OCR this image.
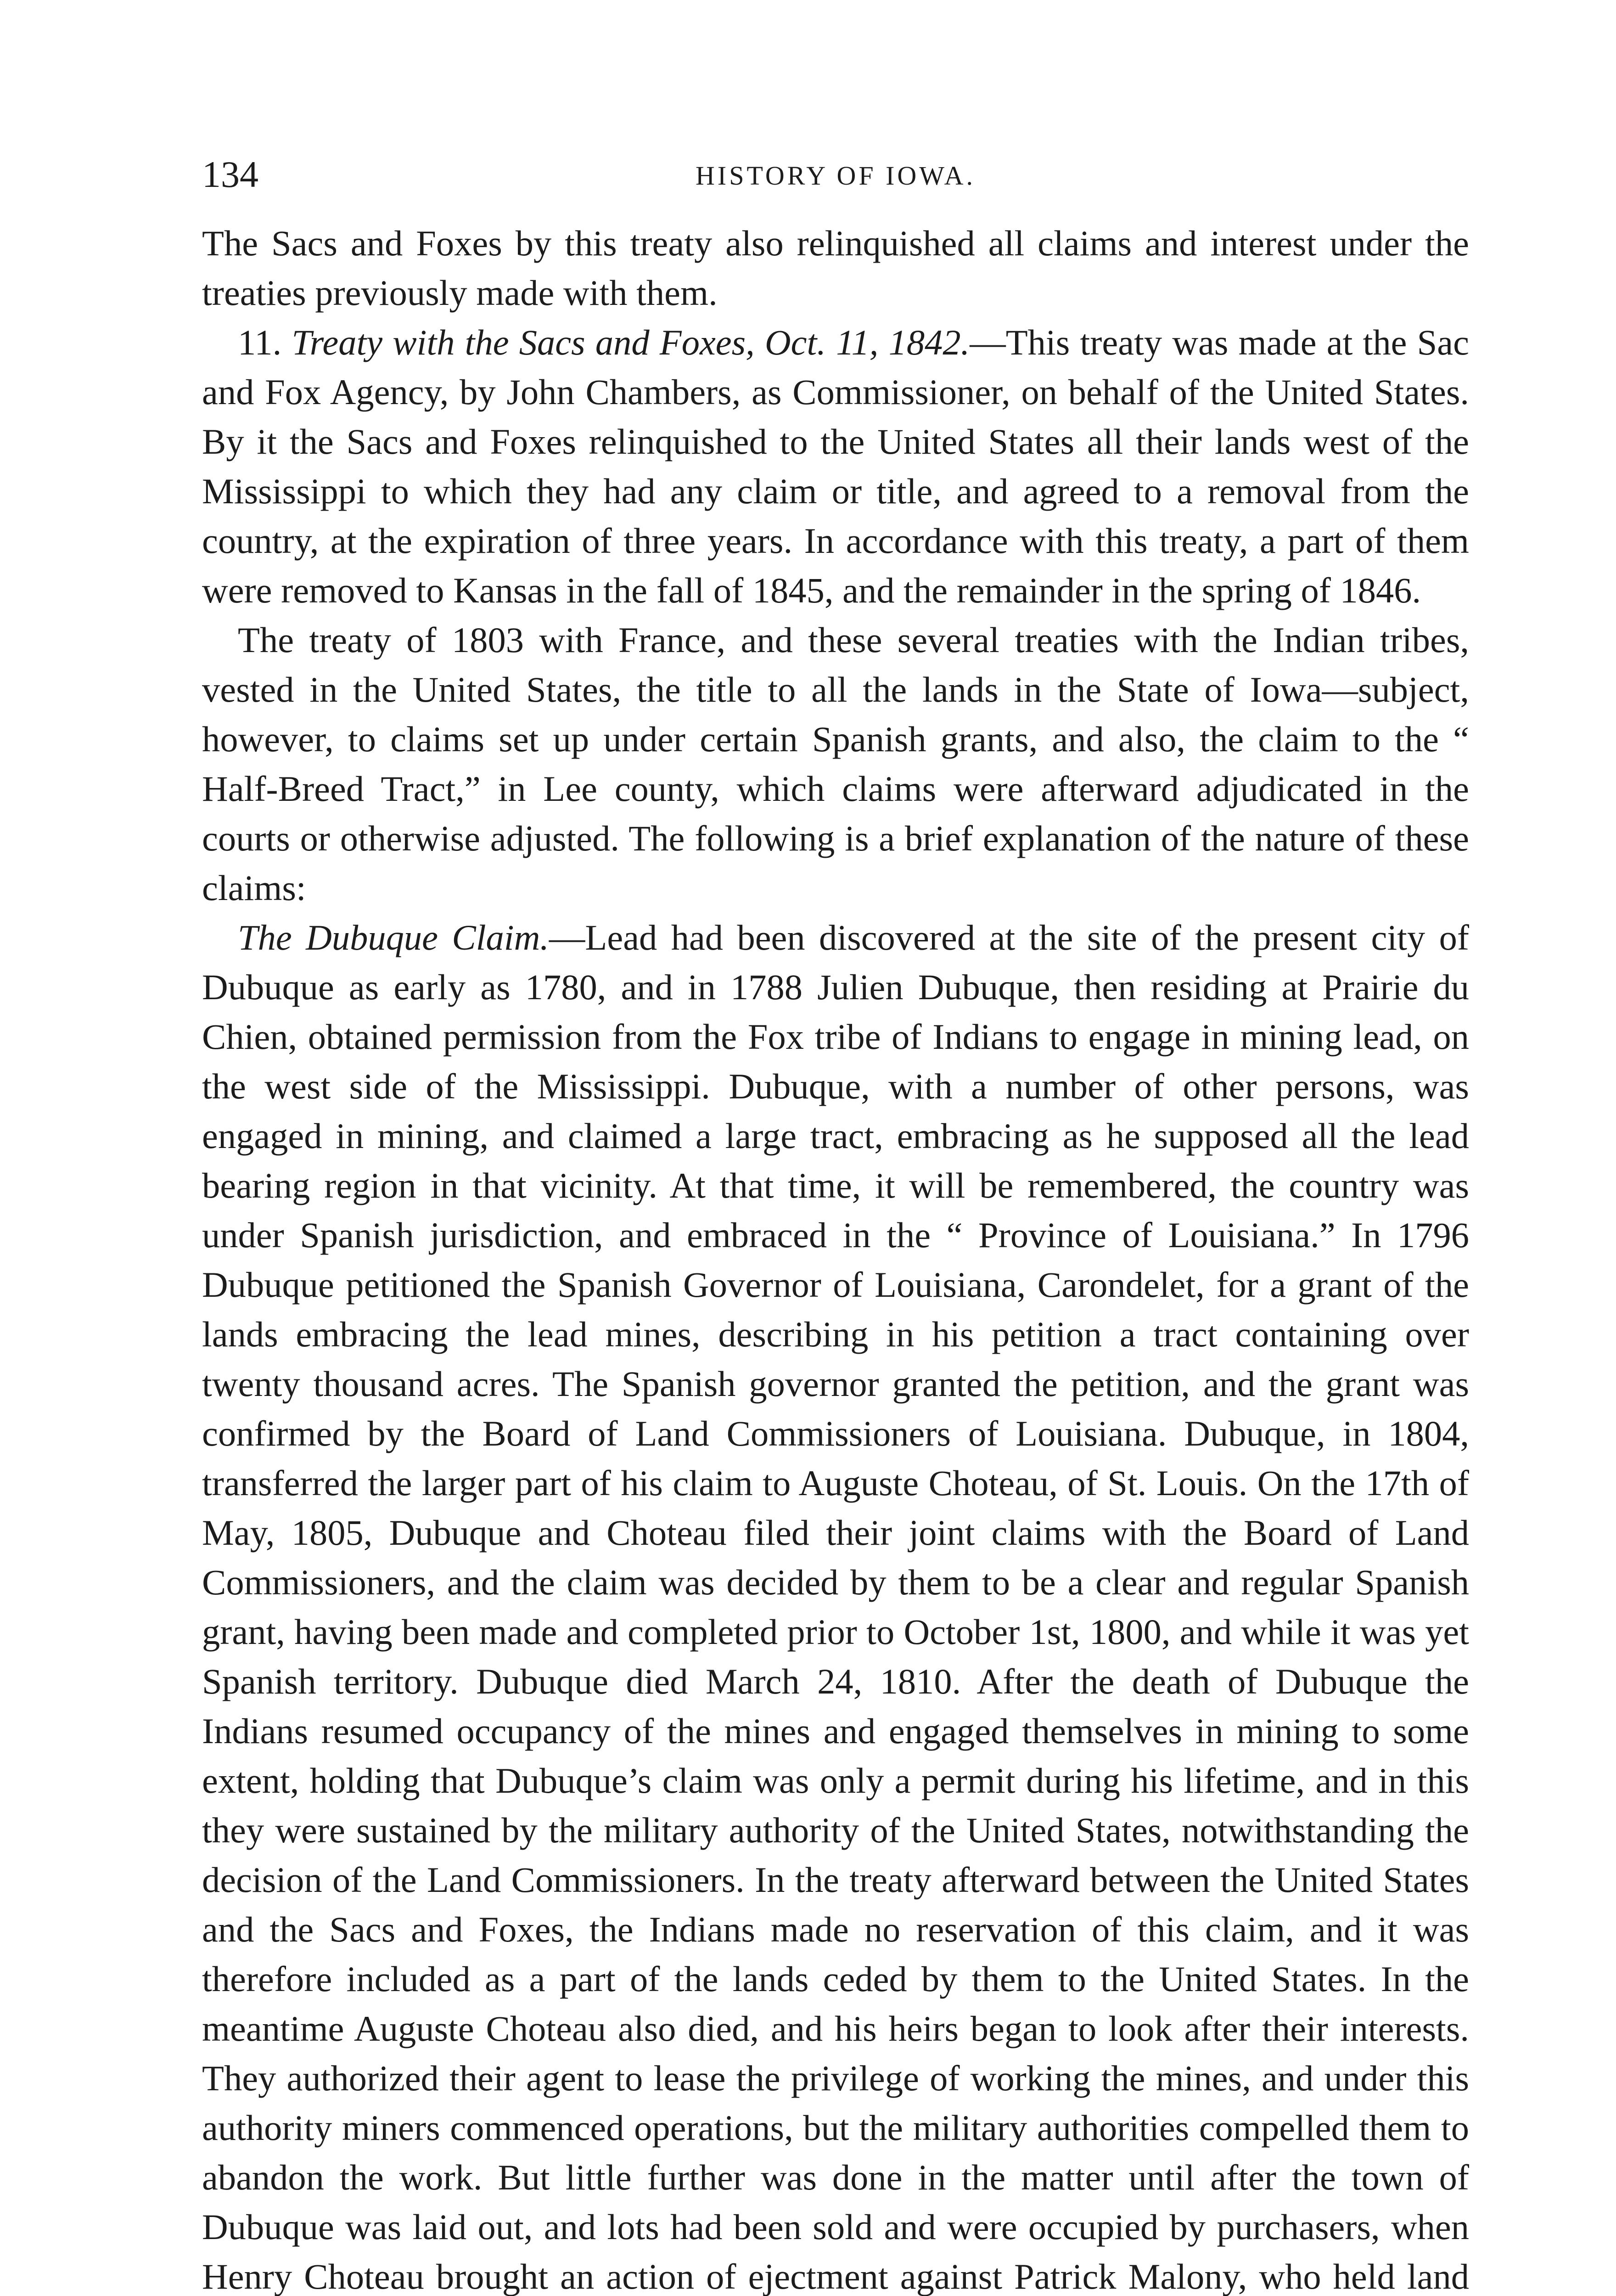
134	HISTORY OF IOWA.

The Sacs and Foxes by this treaty also relinquished all claims and interest under the treaties previously made with them.

11. Treaty with the Sacs and Foxes, Oct. 11, 1842.—This treaty was made at the Sac and Fox Agency, by John Chambers, as Commissioner, on behalf of the United States. By it the Sacs and Foxes relinquished to the United States all their lands west of the Mississippi to which they had any claim or title, and agreed to a removal from the country, at the expiration of three years. In accordance with this treaty, a part of them were removed to Kansas in the fall of 1845, and the remainder in the spring of 1846.

The treaty of 1803 with France, and these several treaties with the Indian tribes, vested in the United States, the title to all the lands in the State of Iowa—subject, however, to claims set up under certain Spanish grants, and also, the claim to the “ Half-Breed Tract,” in Lee county, which claims were afterward adjudicated in the courts or otherwise adjusted. The following is a brief explanation of the nature of these claims:

The Dubuque Claim.—Lead had been discovered at the site of the present city of Dubuque as early as 1780, and in 1788 Julien Dubuque, then residing at Prairie du Chien, obtained permission from the Fox tribe of Indians to engage in mining lead, on the west side of the Mississippi. Dubuque, with a number of other persons, was engaged in mining, and claimed a large tract, embracing as he supposed all the lead bearing region in that vicinity. At that time, it will be remembered, the country was under Spanish jurisdiction, and embraced in the “ Province of Louisiana.” In 1796 Dubuque petitioned the Spanish Governor of Louisiana, Carondelet, for a grant of the lands embracing the lead mines, describing in his petition a tract containing over twenty thousand acres. The Spanish governor granted the petition, and the grant was confirmed by the Board of Land Commissioners of Louisiana. Dubuque, in 1804, transferred the larger part of his claim to Auguste Choteau, of St. Louis. On the 17th of May, 1805, Dubuque and Choteau filed their joint claims with the Board of Land Commissioners, and the claim was decided by them to be a clear and regular Spanish grant, having been made and completed prior to October 1st, 1800, and while it was yet Spanish territory. Dubuque died March 24, 1810. After the death of Dubuque the Indians resumed occupancy of the mines and engaged themselves in mining to some extent, holding that Dubuque’s claim was only a permit during his lifetime, and in this they were sustained by the military authority of the United States, notwithstanding the decision of the Land Commissioners. In the treaty afterward between the United States and the Sacs and Foxes, the Indians made no reservation of this claim, and it was therefore included as a part of the lands ceded by them to the United States. In the meantime Auguste Choteau also died, and his heirs began to look after their interests. They authorized their agent to lease the privilege of working the mines, and under this authority miners commenced operations, but the military authorities compelled them to abandon the work. But little further was done in the matter until after the town of Dubuque was laid out, and lots had been sold and were occupied by purchasers, when Henry Choteau brought an action of ejectment against Patrick Malony, who held land
